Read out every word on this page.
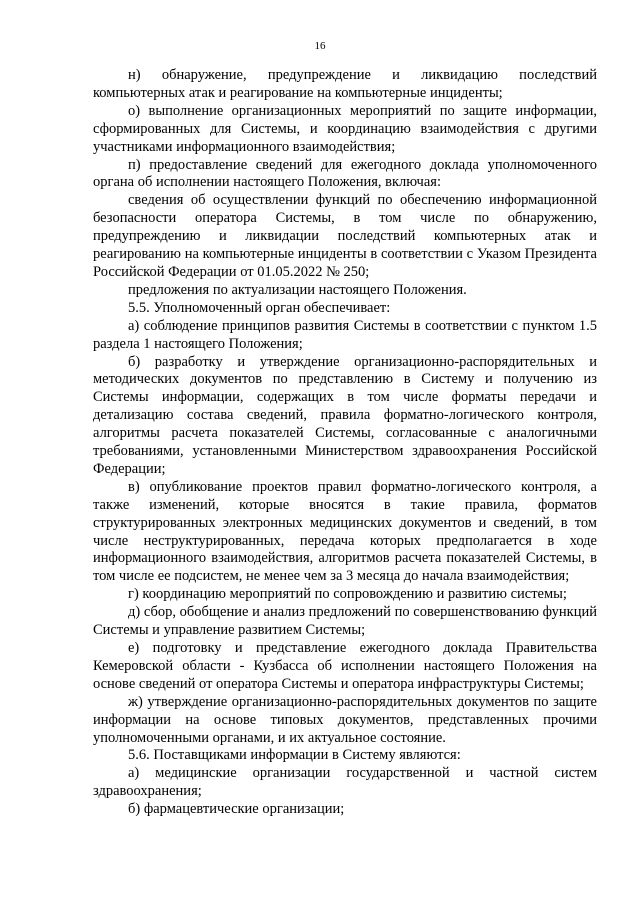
16

н) обнаружение, предупреждение и ликвидацию последствий компьютерных атак и реагирование на компьютерные инциденты;

о) выполнение организационных мероприятий по защите информации, сформированных для Системы, и координацию взаимодействия с другими участниками информационного взаимодействия;

п) предоставление сведений для ежегодного доклада уполномоченного органа об исполнении настоящего Положения, включая:

сведения об осуществлении функций по обеспечению информационной безопасности оператора Системы, в том числе по обнаружению, предупреждению и ликвидации последствий компьютерных атак и реагированию на компьютерные инциденты в соответствии с Указом Президента Российской Федерации от 01.05.2022 № 250;

предложения по актуализации настоящего Положения.

5.5. Уполномоченный орган обеспечивает:

а) соблюдение принципов развития Системы в соответствии с пунктом 1.5 раздела 1 настоящего Положения;

б) разработку и утверждение организационно-распорядительных и методических документов по представлению в Систему и получению из Системы информации, содержащих в том числе форматы передачи и детализацию состава сведений, правила форматно-логического контроля, алгоритмы расчета показателей Системы, согласованные с аналогичными требованиями, установленными Министерством здравоохранения Российской Федерации;

в) опубликование проектов правил форматно-логического контроля, а также изменений, которые вносятся в такие правила, форматов структурированных электронных медицинских документов и сведений, в том числе неструктурированных, передача которых предполагается в ходе информационного взаимодействия, алгоритмов расчета показателей Системы, в том числе ее подсистем, не менее чем за 3 месяца до начала взаимодействия;

г) координацию мероприятий по сопровождению и развитию системы;

д) сбор, обобщение и анализ предложений по совершенствованию функций Системы и управление развитием Системы;

е) подготовку и представление ежегодного доклада Правительства Кемеровской области - Кузбасса об исполнении настоящего Положения на основе сведений от оператора Системы и оператора инфраструктуры Системы;

ж) утверждение организационно-распорядительных документов по защите информации на основе типовых документов, представленных прочими уполномоченными органами, и их актуальное состояние.

5.6. Поставщиками информации в Систему являются:

а) медицинские организации государственной и частной систем здравоохранения;

б) фармацевтические организации;
